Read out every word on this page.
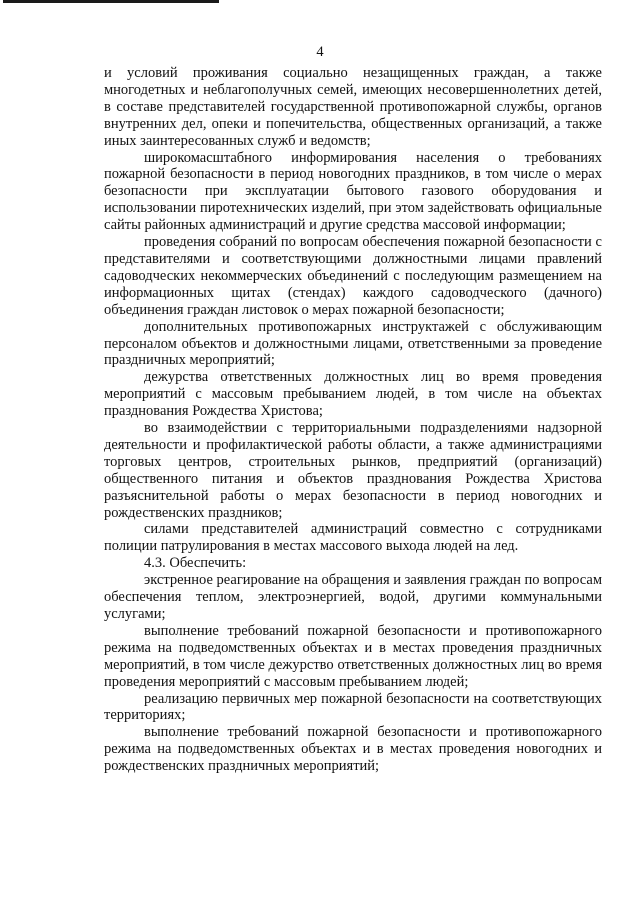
4

и условий проживания социально незащищенных граждан, а также многодетных и неблагополучных семей, имеющих несовершеннолетних детей, в составе представителей государственной противопожарной службы, органов внутренних дел, опеки и попечительства, общественных организаций, а также иных заинтересованных служб и ведомств;

широкомасштабного информирования населения о требованиях пожарной безопасности в период новогодних праздников, в том числе о мерах безопасности при эксплуатации бытового газового оборудования и использовании пиротехнических изделий, при этом задействовать официальные сайты районных администраций и другие средства массовой информации;

проведения собраний по вопросам обеспечения пожарной безопасности с представителями и соответствующими должностными лицами правлений садоводческих некоммерческих объединений с последующим размещением на информационных щитах (стендах) каждого садоводческого (дачного) объединения граждан листовок о мерах пожарной безопасности;

дополнительных противопожарных инструктажей с обслуживающим персоналом объектов и должностными лицами, ответственными за проведение праздничных мероприятий;

дежурства ответственных должностных лиц во время проведения мероприятий с массовым пребыванием людей, в том числе на объектах празднования Рождества Христова;

во взаимодействии с территориальными подразделениями надзорной деятельности и профилактической работы области, а также администрациями торговых центров, строительных рынков, предприятий (организаций) общественного питания и объектов празднования Рождества Христова разъяснительной работы о мерах безопасности в период новогодних и рождественских праздников;

силами представителей администраций совместно с сотрудниками полиции патрулирования в местах массового выхода людей на лед.

4.3. Обеспечить:

экстренное реагирование на обращения и заявления граждан по вопросам обеспечения теплом, электроэнергией, водой, другими коммунальными услугами;

выполнение требований пожарной безопасности и противопожарного режима на подведомственных объектах и в местах проведения праздничных мероприятий, в том числе дежурство ответственных должностных лиц во время проведения мероприятий с массовым пребыванием людей;

реализацию первичных мер пожарной безопасности на соответствующих территориях;

выполнение требований пожарной безопасности и противопожарного режима на подведомственных объектах и в местах проведения новогодних и рождественских праздничных мероприятий;
